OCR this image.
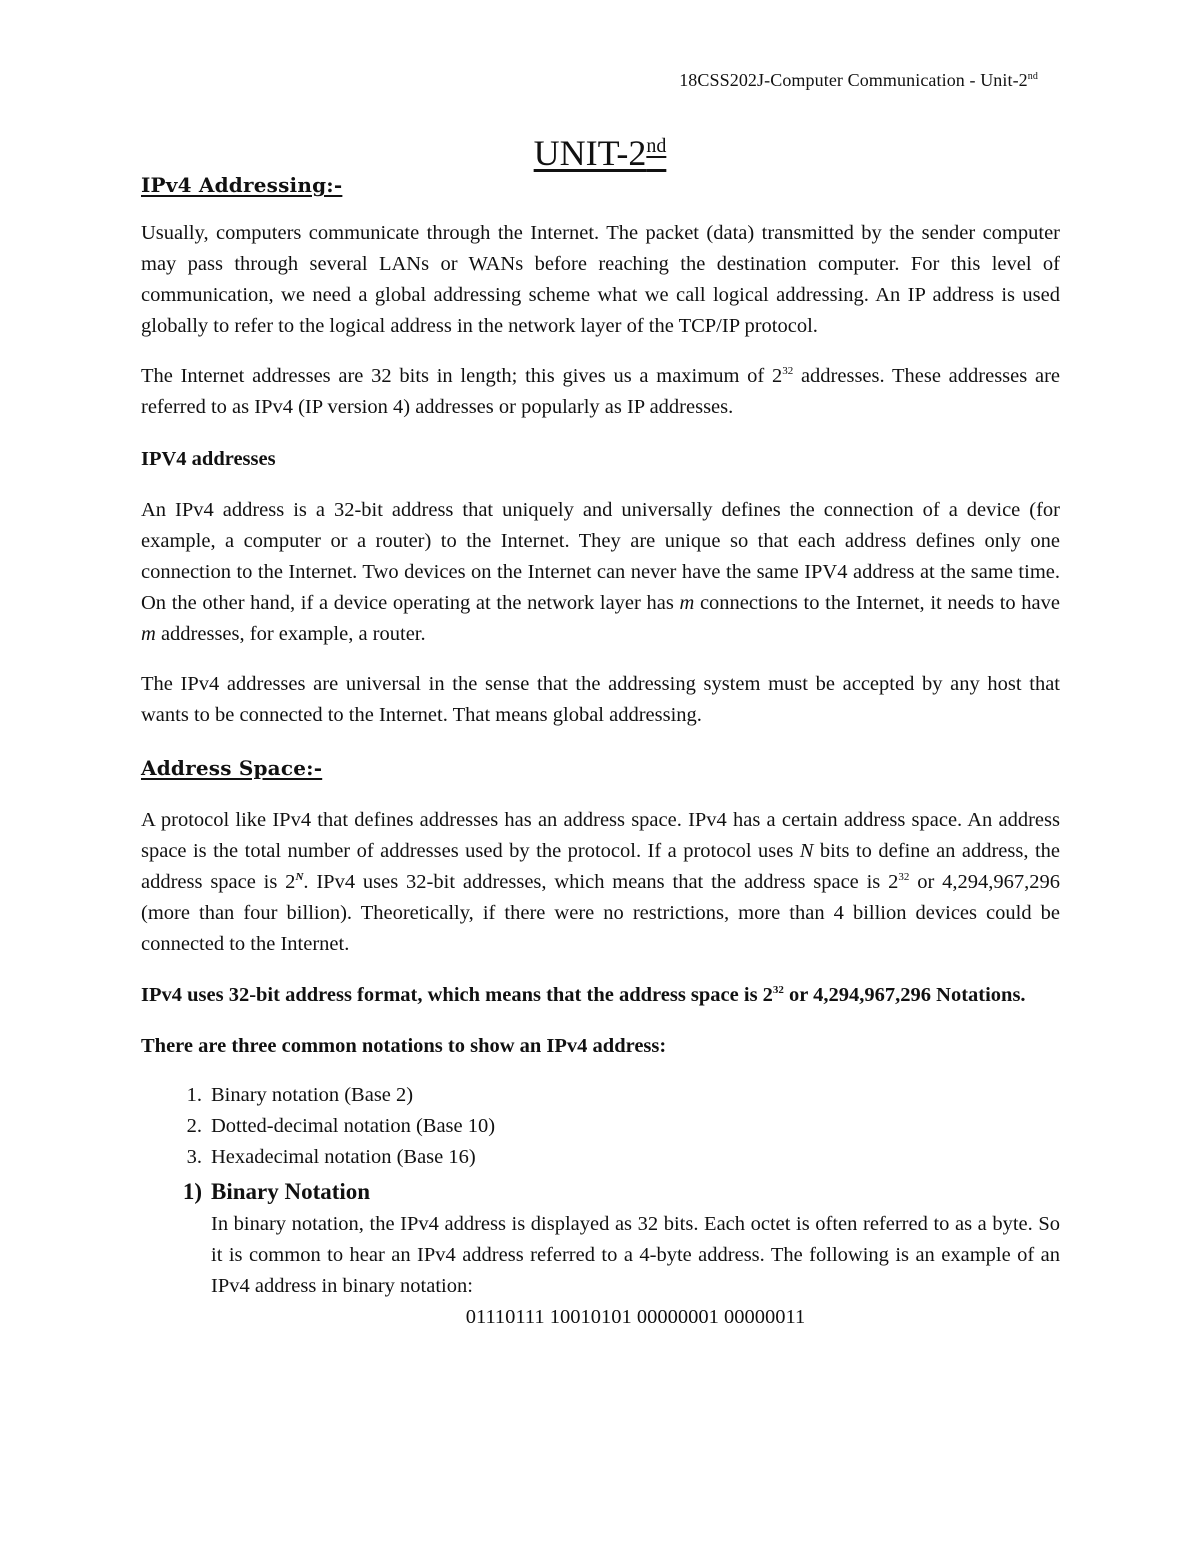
18CSS202J-Computer Communication - Unit-2nd
UNIT-2nd
IPv4 Addressing:-

Usually, computers communicate through the Internet. The packet (data) transmitted by the sender computer may pass through several LANs or WANs before reaching the destination computer. For this level of communication, we need a global addressing scheme what we call logical addressing. An IP address is used globally to refer to the logical address in the network layer of the TCP/IP protocol.

The Internet addresses are 32 bits in length; this gives us a maximum of $2^{32}$ addresses. These addresses are referred to as IPv4 (IP version 4) addresses or popularly as IP addresses.

IPV4 addresses

An IPv4 address is a 32-bit address that uniquely and universally defines the connection of a device (for example, a computer or a router) to the Internet. They are unique so that each address defines only one connection to the Internet. Two devices on the Internet can never have the same IPV4 address at the same time. On the other hand, if a device operating at the network layer has m connections to the Internet, it needs to have m addresses, for example, a router.

The IPv4 addresses are universal in the sense that the addressing system must be accepted by any host that wants to be connected to the Internet. That means global addressing.

Address Space:-

A protocol like IPv4 that defines addresses has an address space. IPv4 has a certain address space. An address space is the total number of addresses used by the protocol. If a protocol uses N bits to define an address, the address space is $2^N$. IPv4 uses 32-bit addresses, which means that the address space is $2^{32}$ or 4,294,967,296 (more than four billion). Theoretically, if there were no restrictions, more than 4 billion devices could be connected to the Internet.

IPv4 uses 32-bit address format, which means that the address space is $2^{32}$ or 4,294,967,296 Notations.

There are three common notations to show an IPv4 address:

1. Binary notation (Base 2)
2. Dotted-decimal notation (Base 10)
3. Hexadecimal notation (Base 16)
1) Binary Notation

In binary notation, the IPv4 address is displayed as 32 bits. Each octet is often referred to as a byte. So it is common to hear an IPv4 address referred to a 4-byte address. The following is an example of an IPv4 address in binary notation:

01110111 10010101 00000001 00000011
